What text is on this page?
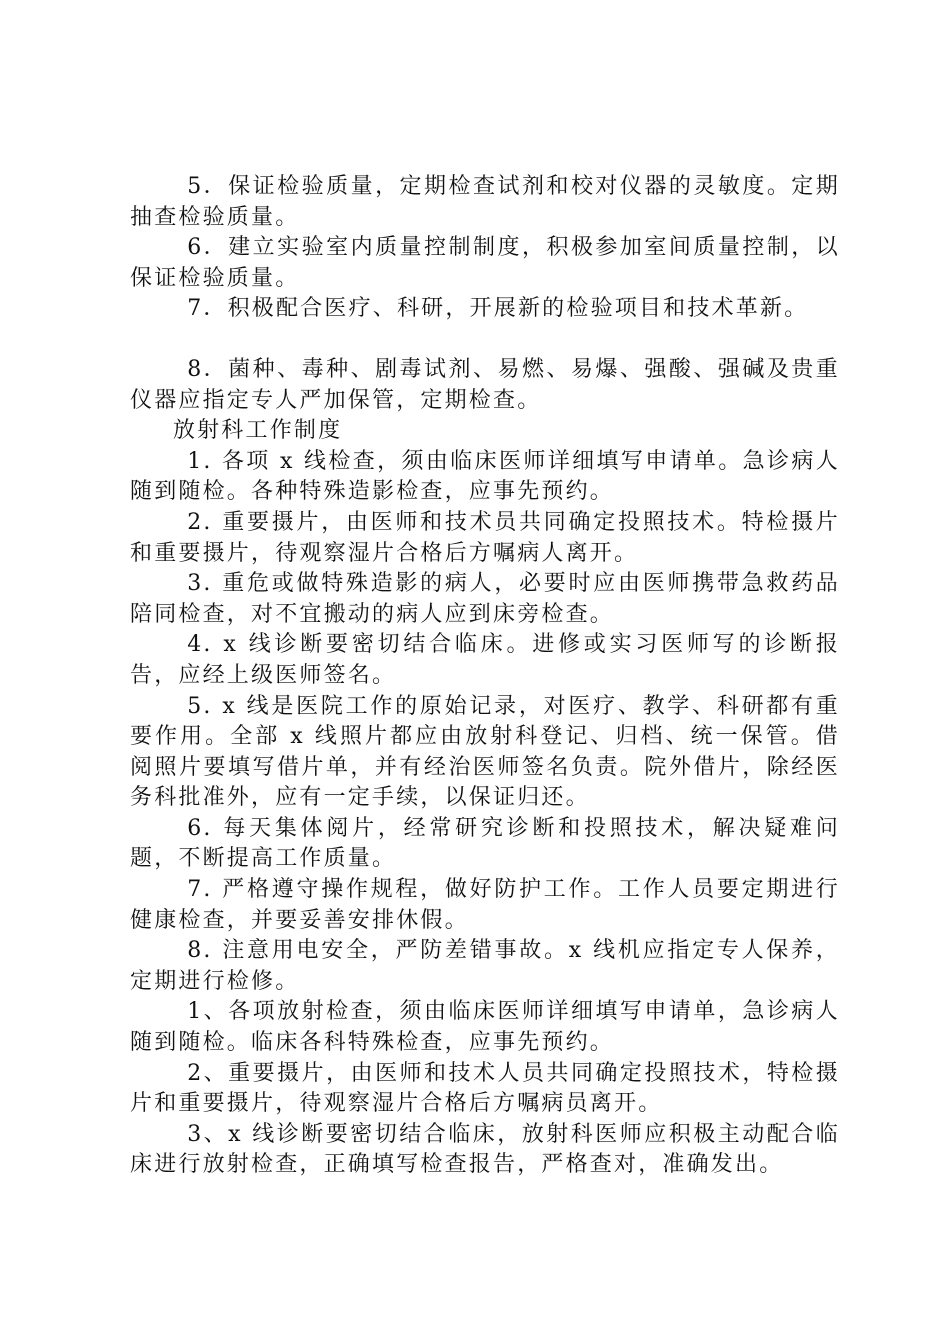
5．保证检验质量，定期检查试剂和校对仪器的灵敏度。定期抽查检验质量。

6．建立实验室内质量控制制度，积极参加室间质量控制，以保证检验质量。

7．积极配合医疗、科研，开展新的检验项目和技术革新。

8．菌种、毒种、剧毒试剂、易燃、易爆、强酸、强碱及贵重仪器应指定专人严加保管，定期检查。

放射科工作制度

1. 各项 x 线检查，须由临床医师详细填写申请单。急诊病人随到随检。各种特殊造影检查，应事先预约。

2. 重要摄片，由医师和技术员共同确定投照技术。特检摄片和重要摄片，待观察湿片合格后方嘱病人离开。

3. 重危或做特殊造影的病人，必要时应由医师携带急救药品陪同检查，对不宜搬动的病人应到床旁检查。

4. x 线诊断要密切结合临床。进修或实习医师写的诊断报告，应经上级医师签名。

5. x 线是医院工作的原始记录，对医疗、教学、科研都有重要作用。全部 x 线照片都应由放射科登记、归档、统一保管。借阅照片要填写借片单，并有经治医师签名负责。院外借片，除经医务科批准外，应有一定手续，以保证归还。

6. 每天集体阅片，经常研究诊断和投照技术，解决疑难问题，不断提高工作质量。

7. 严格遵守操作规程，做好防护工作。工作人员要定期进行健康检查，并要妥善安排休假。

8. 注意用电安全，严防差错事故。x 线机应指定专人保养，定期进行检修。

1、各项放射检查，须由临床医师详细填写申请单，急诊病人随到随检。临床各科特殊检查，应事先预约。

2、重要摄片，由医师和技术人员共同确定投照技术，特检摄片和重要摄片，待观察湿片合格后方嘱病员离开。

3、x 线诊断要密切结合临床，放射科医师应积极主动配合临床进行放射检查，正确填写检查报告，严格查对，准确发出。
